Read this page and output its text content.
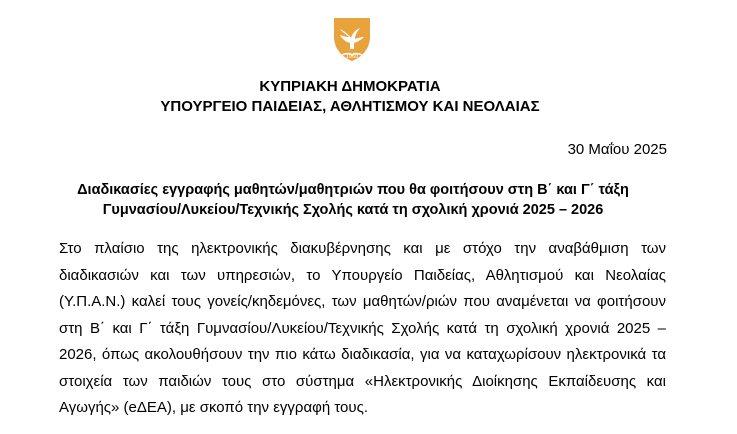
1960
ΚΥΠΡΙΑΚΗ ΔΗΜΟΚΡΑΤΙΑ
ΥΠΟΥΡΓΕΙΟ ΠΑΙΔΕΙΑΣ, ΑΘΛΗΤΙΣΜΟΥ ΚΑΙ ΝΕΟΛΑΙΑΣ
30 Μαΐου 2025
Διαδικασίες εγγραφής μαθητών/μαθητριών που θα φοιτήσουν στη Β΄ και Γ΄ τάξη Γυμνασίου/Λυκείου/Τεχνικής Σχολής κατά τη σχολική χρονιά 2025 – 2026

Στο πλαίσιο της ηλεκτρονικής διακυβέρνησης και με στόχο την αναβάθμιση των διαδικασιών και των υπηρεσιών, το Υπουργείο Παιδείας, Αθλητισμού και Νεολαίας (Υ.Π.Α.Ν.) καλεί τους γονείς/κηδεμόνες, των μαθητών/ριών που αναμένεται να φοιτήσουν στη Β΄ και Γ΄ τάξη Γυμνασίου/Λυκείου/Τεχνικής Σχολής κατά τη σχολική χρονιά 2025 – 2026, όπως ακολουθήσουν την πιο κάτω διαδικασία, για να καταχωρίσουν ηλεκτρονικά τα στοιχεία των παιδιών τους στο σύστημα «Ηλεκτρονικής Διοίκησης Εκπαίδευσης και Αγωγής» (eΔΕΑ), με σκοπό την εγγραφή τους.
